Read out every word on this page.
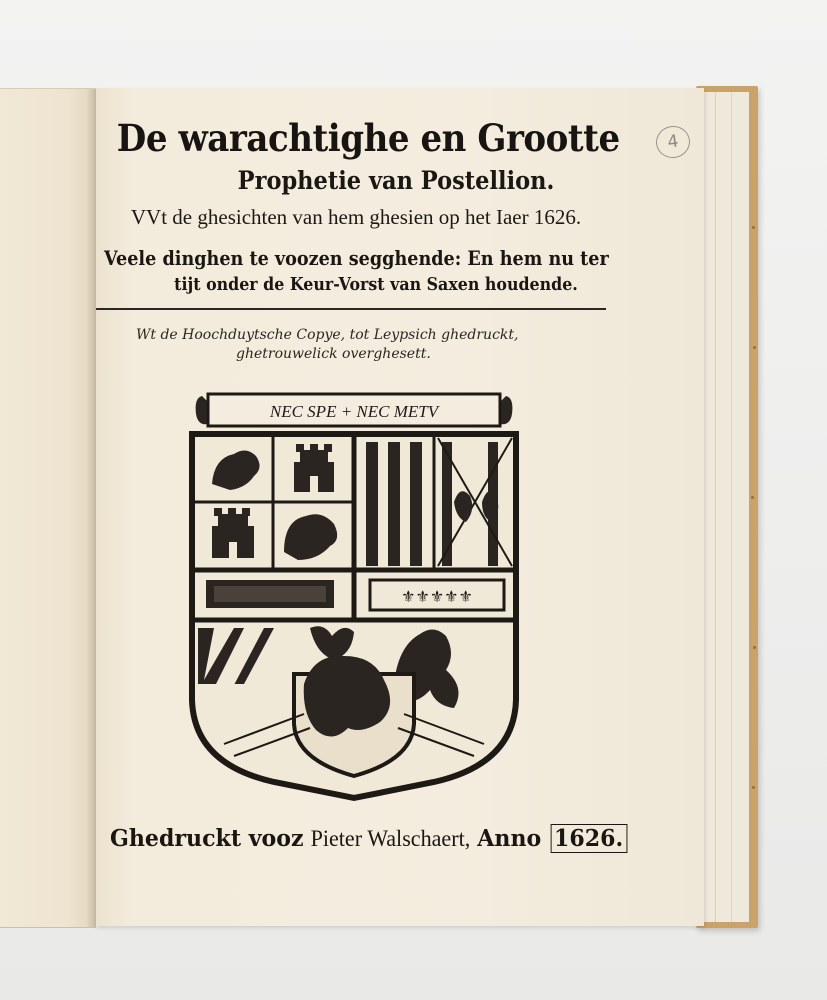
4
De warachtighe en Grootte
Prophetie van Postellion.
VVt de ghesichten van hem ghesien op het Iaer 1626.
Veele dinghen te voozen segghende: En hem nu ter
tijt onder de Keur-Vorst van Saxen houdende.
Wt de Hoochduytsche Copye, tot Leypsich ghedruckt,
ghetrouwelick overghesett.
NEC SPE + NEC METV
⚜⚜⚜⚜⚜
Ghedruckt vooz Pieter Walschaert, Anno 1626.
